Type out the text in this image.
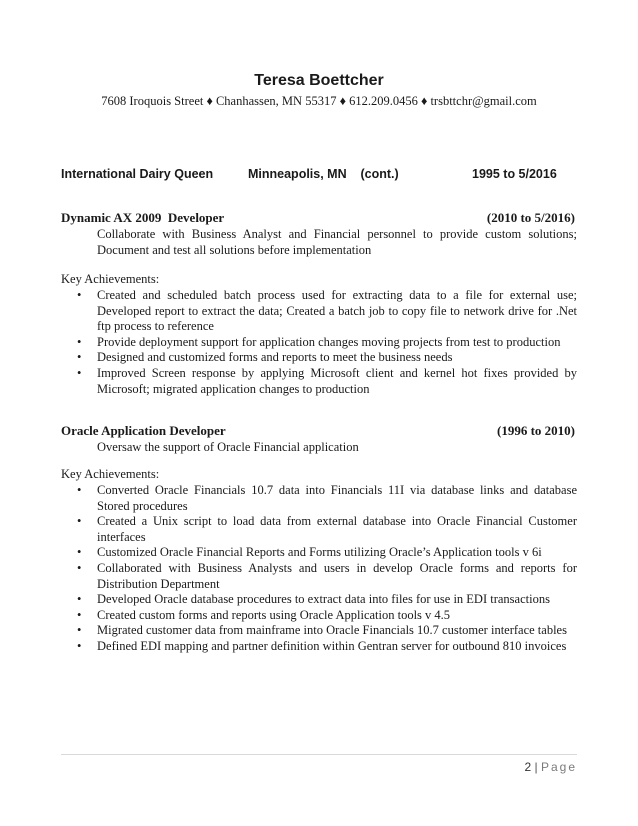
Teresa Boettcher
7608 Iroquois Street ♦ Chanhassen, MN 55317 ♦ 612.209.0456 ♦ trsbttchr@gmail.com
International Dairy Queen	Minneapolis, MN    (cont.)	1995 to 5/2016
Dynamic AX 2009  Developer	(2010 to 5/2016)
Collaborate with Business Analyst and Financial personnel to provide custom solutions; Document and test all solutions before implementation
Key Achievements:
• Created and scheduled batch process used for extracting data to a file for external use; Developed report to extract the data; Created a batch job to copy file to network drive for .Net ftp process to reference
• Provide deployment support for application changes moving projects from test to production
• Designed and customized forms and reports to meet the business needs
• Improved Screen response by applying Microsoft client and kernel hot fixes provided by Microsoft; migrated application changes to production
Oracle Application Developer	(1996 to 2010)
Oversaw the support of Oracle Financial application
Key Achievements:
• Converted Oracle Financials 10.7 data into Financials 11I via database links and database Stored procedures
• Created a Unix script to load data from external database into Oracle Financial Customer interfaces
• Customized Oracle Financial Reports and Forms utilizing Oracle’s Application tools v 6i
• Collaborated with Business Analysts and users in develop Oracle forms and reports for Distribution Department
• Developed Oracle database procedures to extract data into files for use in EDI transactions
• Created custom forms and reports using Oracle Application tools v 4.5
• Migrated customer data from mainframe into Oracle Financials 10.7 customer interface tables
• Defined EDI mapping and partner definition within Gentran server for outbound 810 invoices
2 | Page
